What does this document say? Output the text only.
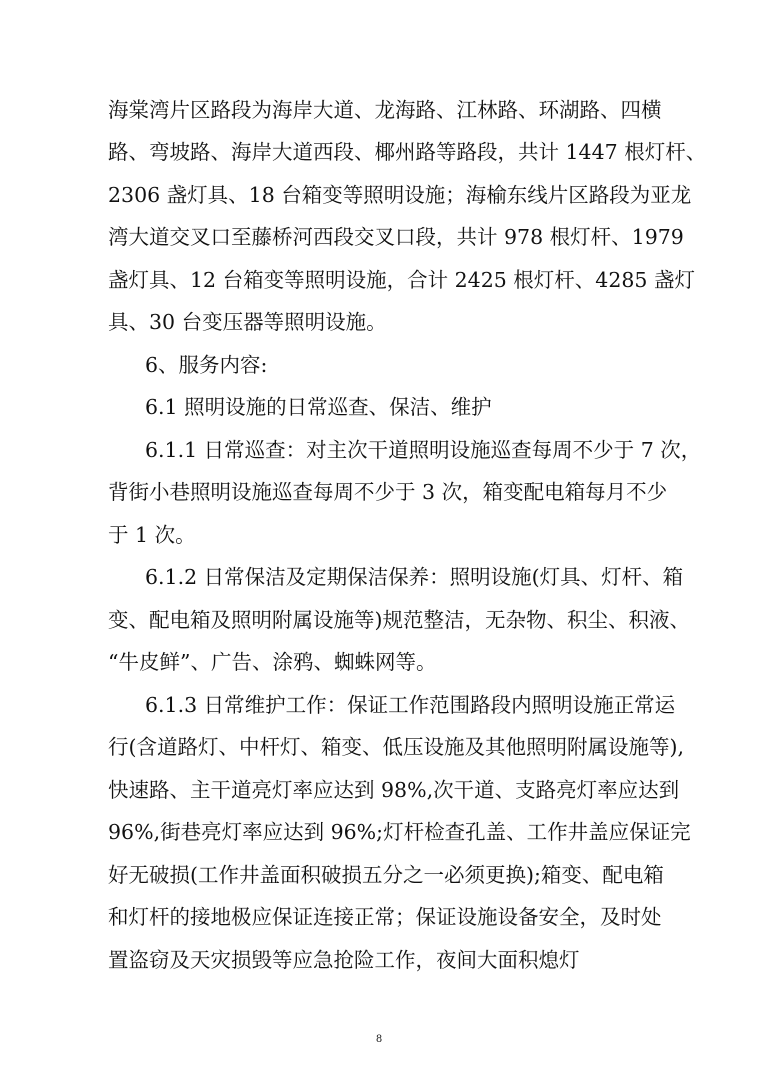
海棠湾片区路段为海岸大道、龙海路、江林路、环湖路、四横
路、弯坡路、海岸大道西段、椰州路等路段，共计 1447 根灯杆、
2306 盏灯具、18 台箱变等照明设施；海榆东线片区路段为亚龙
湾大道交叉口至藤桥河西段交叉口段，共计 978 根灯杆、1979
盏灯具、12 台箱变等照明设施，合计 2425 根灯杆、4285 盏灯
具、30 台变压器等照明设施。
6、服务内容:
6.1 照明设施的日常巡查、保洁、维护
6.1.1 日常巡查：对主次干道照明设施巡查每周不少于 7 次，
背街小巷照明设施巡查每周不少于 3 次，箱变配电箱每月不少
于 1 次。
6.1.2 日常保洁及定期保洁保养：照明设施(灯具、灯杆、箱
变、配电箱及照明附属设施等)规范整洁，无杂物、积尘、积液、
“牛皮鲜”、广告、涂鸦、蜘蛛网等。
6.1.3 日常维护工作：保证工作范围路段内照明设施正常运
行(含道路灯、中杆灯、箱变、低压设施及其他照明附属设施等),
快速路、主干道亮灯率应达到 98%,次干道、支路亮灯率应达到
96%,街巷亮灯率应达到 96%;灯杆检查孔盖、工作井盖应保证完
好无破损(工作井盖面积破损五分之一必须更换);箱变、配电箱
和灯杆的接地极应保证连接正常；保证设施设备安全，及时处
置盗窃及天灾损毁等应急抢险工作，夜间大面积熄灯
8
